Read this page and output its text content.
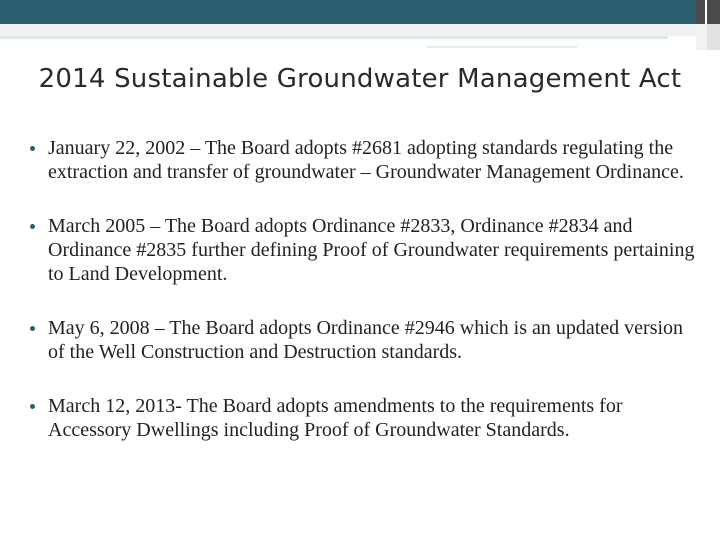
2014 Sustainable Groundwater Management Act
January 22, 2002 – The Board adopts #2681 adopting standards regulating the extraction and transfer of groundwater – Groundwater Management Ordinance.
March 2005 – The Board adopts Ordinance #2833, Ordinance #2834 and Ordinance #2835 further defining Proof of Groundwater requirements pertaining to Land Development.
May 6, 2008 – The Board adopts Ordinance #2946 which is an updated version of the Well Construction and Destruction standards.
March 12, 2013- The Board adopts amendments to the requirements for Accessory Dwellings including Proof of Groundwater Standards.
